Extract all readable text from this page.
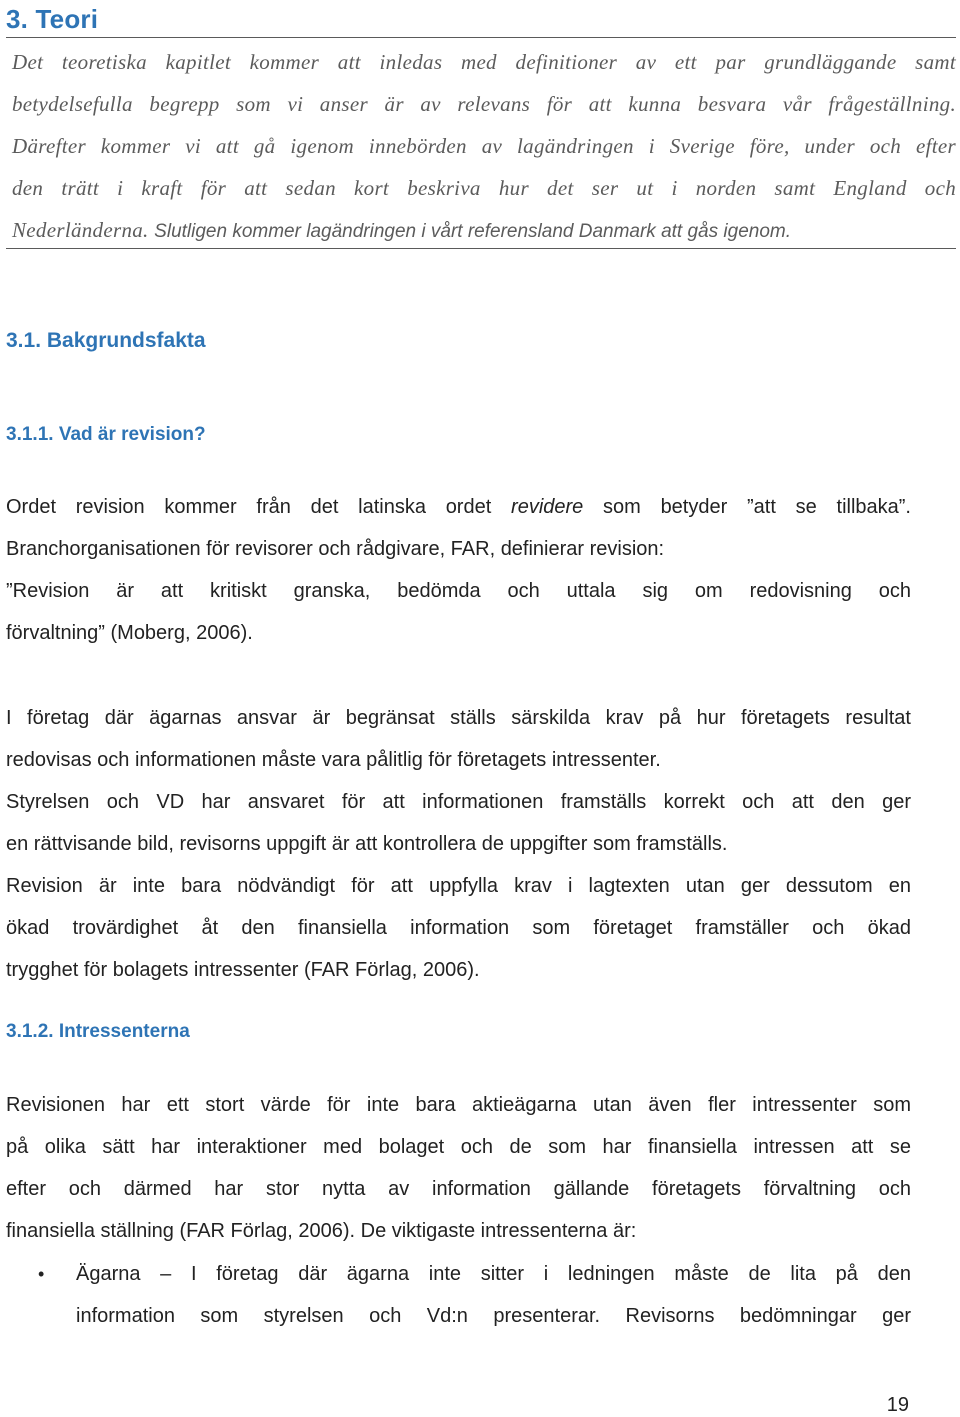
3. Teori

Det teoretiska kapitlet kommer att inledas med definitioner av ett par grundläggande samt
betydelsefulla begrepp som vi anser är av relevans för att kunna besvara vår frågeställning.
Därefter kommer vi att gå igenom innebörden av lagändringen i Sverige före, under och efter
den trätt i kraft för att sedan kort beskriva hur det ser ut i norden samt England och
Nederländerna. Slutligen kommer lagändringen i vårt referensland Danmark att gås igenom.

3.1. Bakgrundsfakta
3.1.1. Vad är revision?

Ordet revision kommer från det latinska ordet revidere som betyder ”att se tillbaka”.
Branchorganisationen för revisorer och rådgivare, FAR, definierar revision:
”Revision är att kritiskt granska, bedömda och uttala sig om redovisning och
förvaltning” (Moberg, 2006).

I företag där ägarnas ansvar är begränsat ställs särskilda krav på hur företagets resultat
redovisas och informationen måste vara pålitlig för företagets intressenter.
Styrelsen och VD har ansvaret för att informationen framställs korrekt och att den ger
en rättvisande bild, revisorns uppgift är att kontrollera de uppgifter som framställs.
Revision är inte bara nödvändigt för att uppfylla krav i lagtexten utan ger dessutom en
ökad trovärdighet åt den finansiella information som företaget framställer och ökad
trygghet för bolagets intressenter (FAR Förlag, 2006).

3.1.2. Intressenterna

Revisionen har ett stort värde för inte bara aktieägarna utan även fler intressenter som
på olika sätt har interaktioner med bolaget och de som har finansiella intressen att se
efter och därmed har stor nytta av information gällande företagets förvaltning och
finansiella ställning (FAR Förlag, 2006). De viktigaste intressenterna är:

• Ägarna – I företag där ägarna inte sitter i ledningen måste de lita på den
information som styrelsen och Vd:n presenterar. Revisorns bedömningar ger
19
